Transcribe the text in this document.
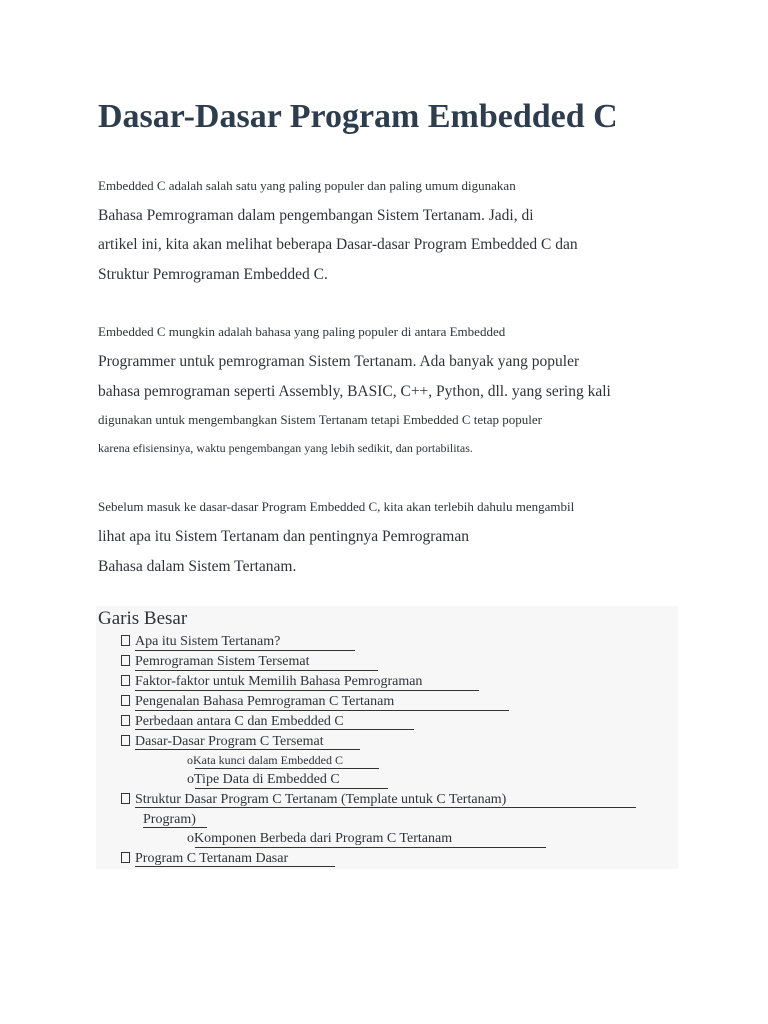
Dasar-Dasar Program Embedded C

Embedded C adalah salah satu yang paling populer dan paling umum digunakan

Bahasa Pemrograman dalam pengembangan Sistem Tertanam. Jadi, di

artikel ini, kita akan melihat beberapa Dasar-dasar Program Embedded C dan

Struktur Pemrograman Embedded C.

Embedded C mungkin adalah bahasa yang paling populer di antara Embedded

Programmer untuk pemrograman Sistem Tertanam. Ada banyak yang populer

bahasa pemrograman seperti Assembly, BASIC, C++, Python, dll. yang sering kali

digunakan untuk mengembangkan Sistem Tertanam tetapi Embedded C tetap populer

karena efisiensinya, waktu pengembangan yang lebih sedikit, dan portabilitas.

Sebelum masuk ke dasar-dasar Program Embedded C, kita akan terlebih dahulu mengambil

lihat apa itu Sistem Tertanam dan pentingnya Pemrograman

Bahasa dalam Sistem Tertanam.

Garis Besar

Apa itu Sistem Tertanam?
Pemrograman Sistem Tersemat
Faktor-faktor untuk Memilih Bahasa Pemrograman
Pengenalan Bahasa Pemrograman C Tertanam
Perbedaan antara C dan Embedded C
Dasar-Dasar Program C Tersemat
oKata kunci dalam Embedded C
oTipe Data di Embedded C
Struktur Dasar Program C Tertanam (Template untuk C Tertanam)
Program)
oKomponen Berbeda dari Program C Tertanam
Program C Tertanam Dasar
